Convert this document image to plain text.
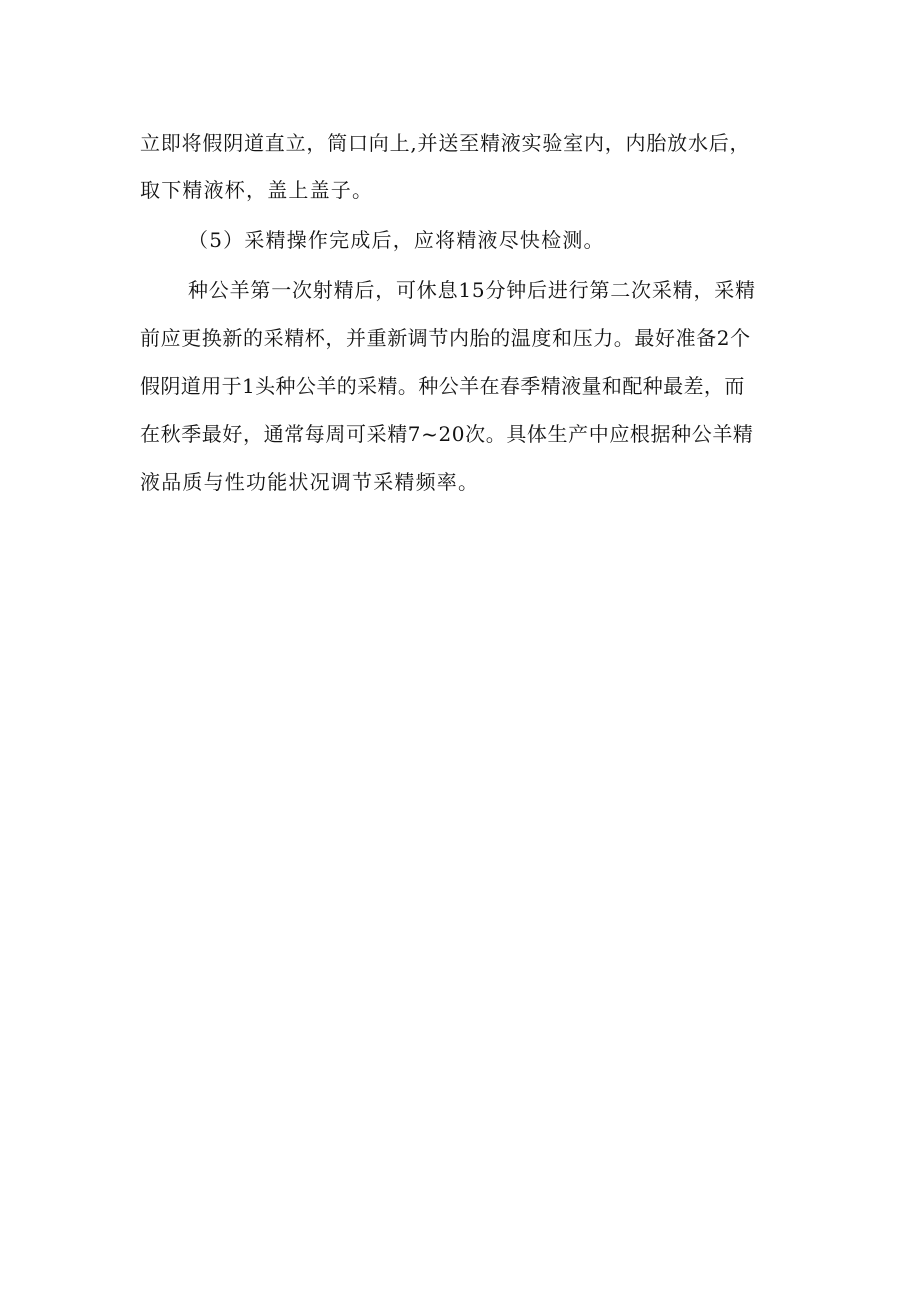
立即将假阴道直立，筒口向上,并送至精液实验室内，内胎放水后，

取下精液杯，盖上盖子。

（5）采精操作完成后，应将精液尽快检测。

种公羊第一次射精后，可休息15分钟后进行第二次采精，采精

前应更换新的采精杯，并重新调节内胎的温度和压力。最好准备2个

假阴道用于1头种公羊的采精。种公羊在春季精液量和配种最差，而

在秋季最好，通常每周可采精7~20次。具体生产中应根据种公羊精

液品质与性功能状况调节采精频率。
